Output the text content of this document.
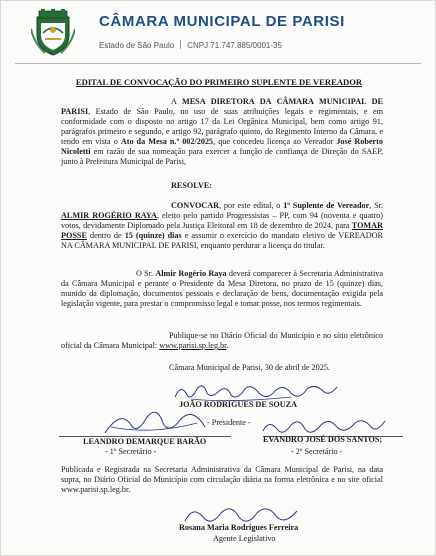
CÂMARA MUNICIPAL DE PARISI
Estado de São Paulo CNPJ 71.747.885/0001-35
EDITAL DE CONVOCAÇÃO DO PRIMEIRO SUPLENTE DE VEREADOR
A MESA DIRETORA DA CÂMARA MUNICIPAL DE PARISI, Estado de São Paulo, no uso de suas atribuições legais e regimentais, e em conformidade com o disposto no artigo 17 da Lei Orgânica Municipal, bem como artigo 91, parágrafos primeiro e segundo, e artigo 92, parágrafo quinto, do Regimento Interno da Câmara, e tendo em vista o Ato da Mesa n.º 002/2025, que concedeu licença ao Vereador José Roberto Nicoletti em razão de sua nomeação para exercer a função de confiança de Direção do SAEP, junto à Prefeitura Municipal de Parisi,
RESOLVE:
CONVOCAR, por este edital, o 1º Suplente de Vereador, Sr. ALMIR ROGÉRIO RAYA, eleito pelo partido Progressistas – PP, com 94 (noventa e quatro) votos, devidamente Diplomado pela Justiça Eleitoral em 18 de dezembro de 2024, para TOMAR POSSE dentro de 15 (quinze) dias e assumir o exercício do mandato eletivo de VEREADOR NA CÂMARA MUNICIPAL DE PARISI, enquanto perdurar a licença do titular.
O Sr. Almir Rogério Raya deverá comparecer à Secretaria Administrativa da Câmara Municipal e perante o Presidente da Mesa Diretora, no prazo de 15 (quinze) dias, munido da diplomação, documentos pessoais e declaração de bens, documentação exigida pela legislação vigente, para prestar o compromisso legal e tomar posse, nos termos regimentais.
Publique-se no Diário Oficial do Município e no sítio eletrônico oficial da Câmara Municipal: www.parisi.sp.leg.br.
Câmara Municipal de Parisi, 30 de abril de 2025.
JOÃO RODRIGUES DE SOUZA
- Presidente -
LEANDRO DEMARQUE BARÃO
- 1º Secretário -
EVANDRO JOSÉ DOS SANTOS;
- 2º Secretário -
Publicada e Registrada na Secretaria Administrativa da Câmara Municipal de Parisi, na data supra, no Diário Oficial do Município com circulação diária na forma eletrônica e no site oficial www.parisi.sp.leg.br.
Rosana Maria Rodrigues Ferreira
Agente Legislativo
